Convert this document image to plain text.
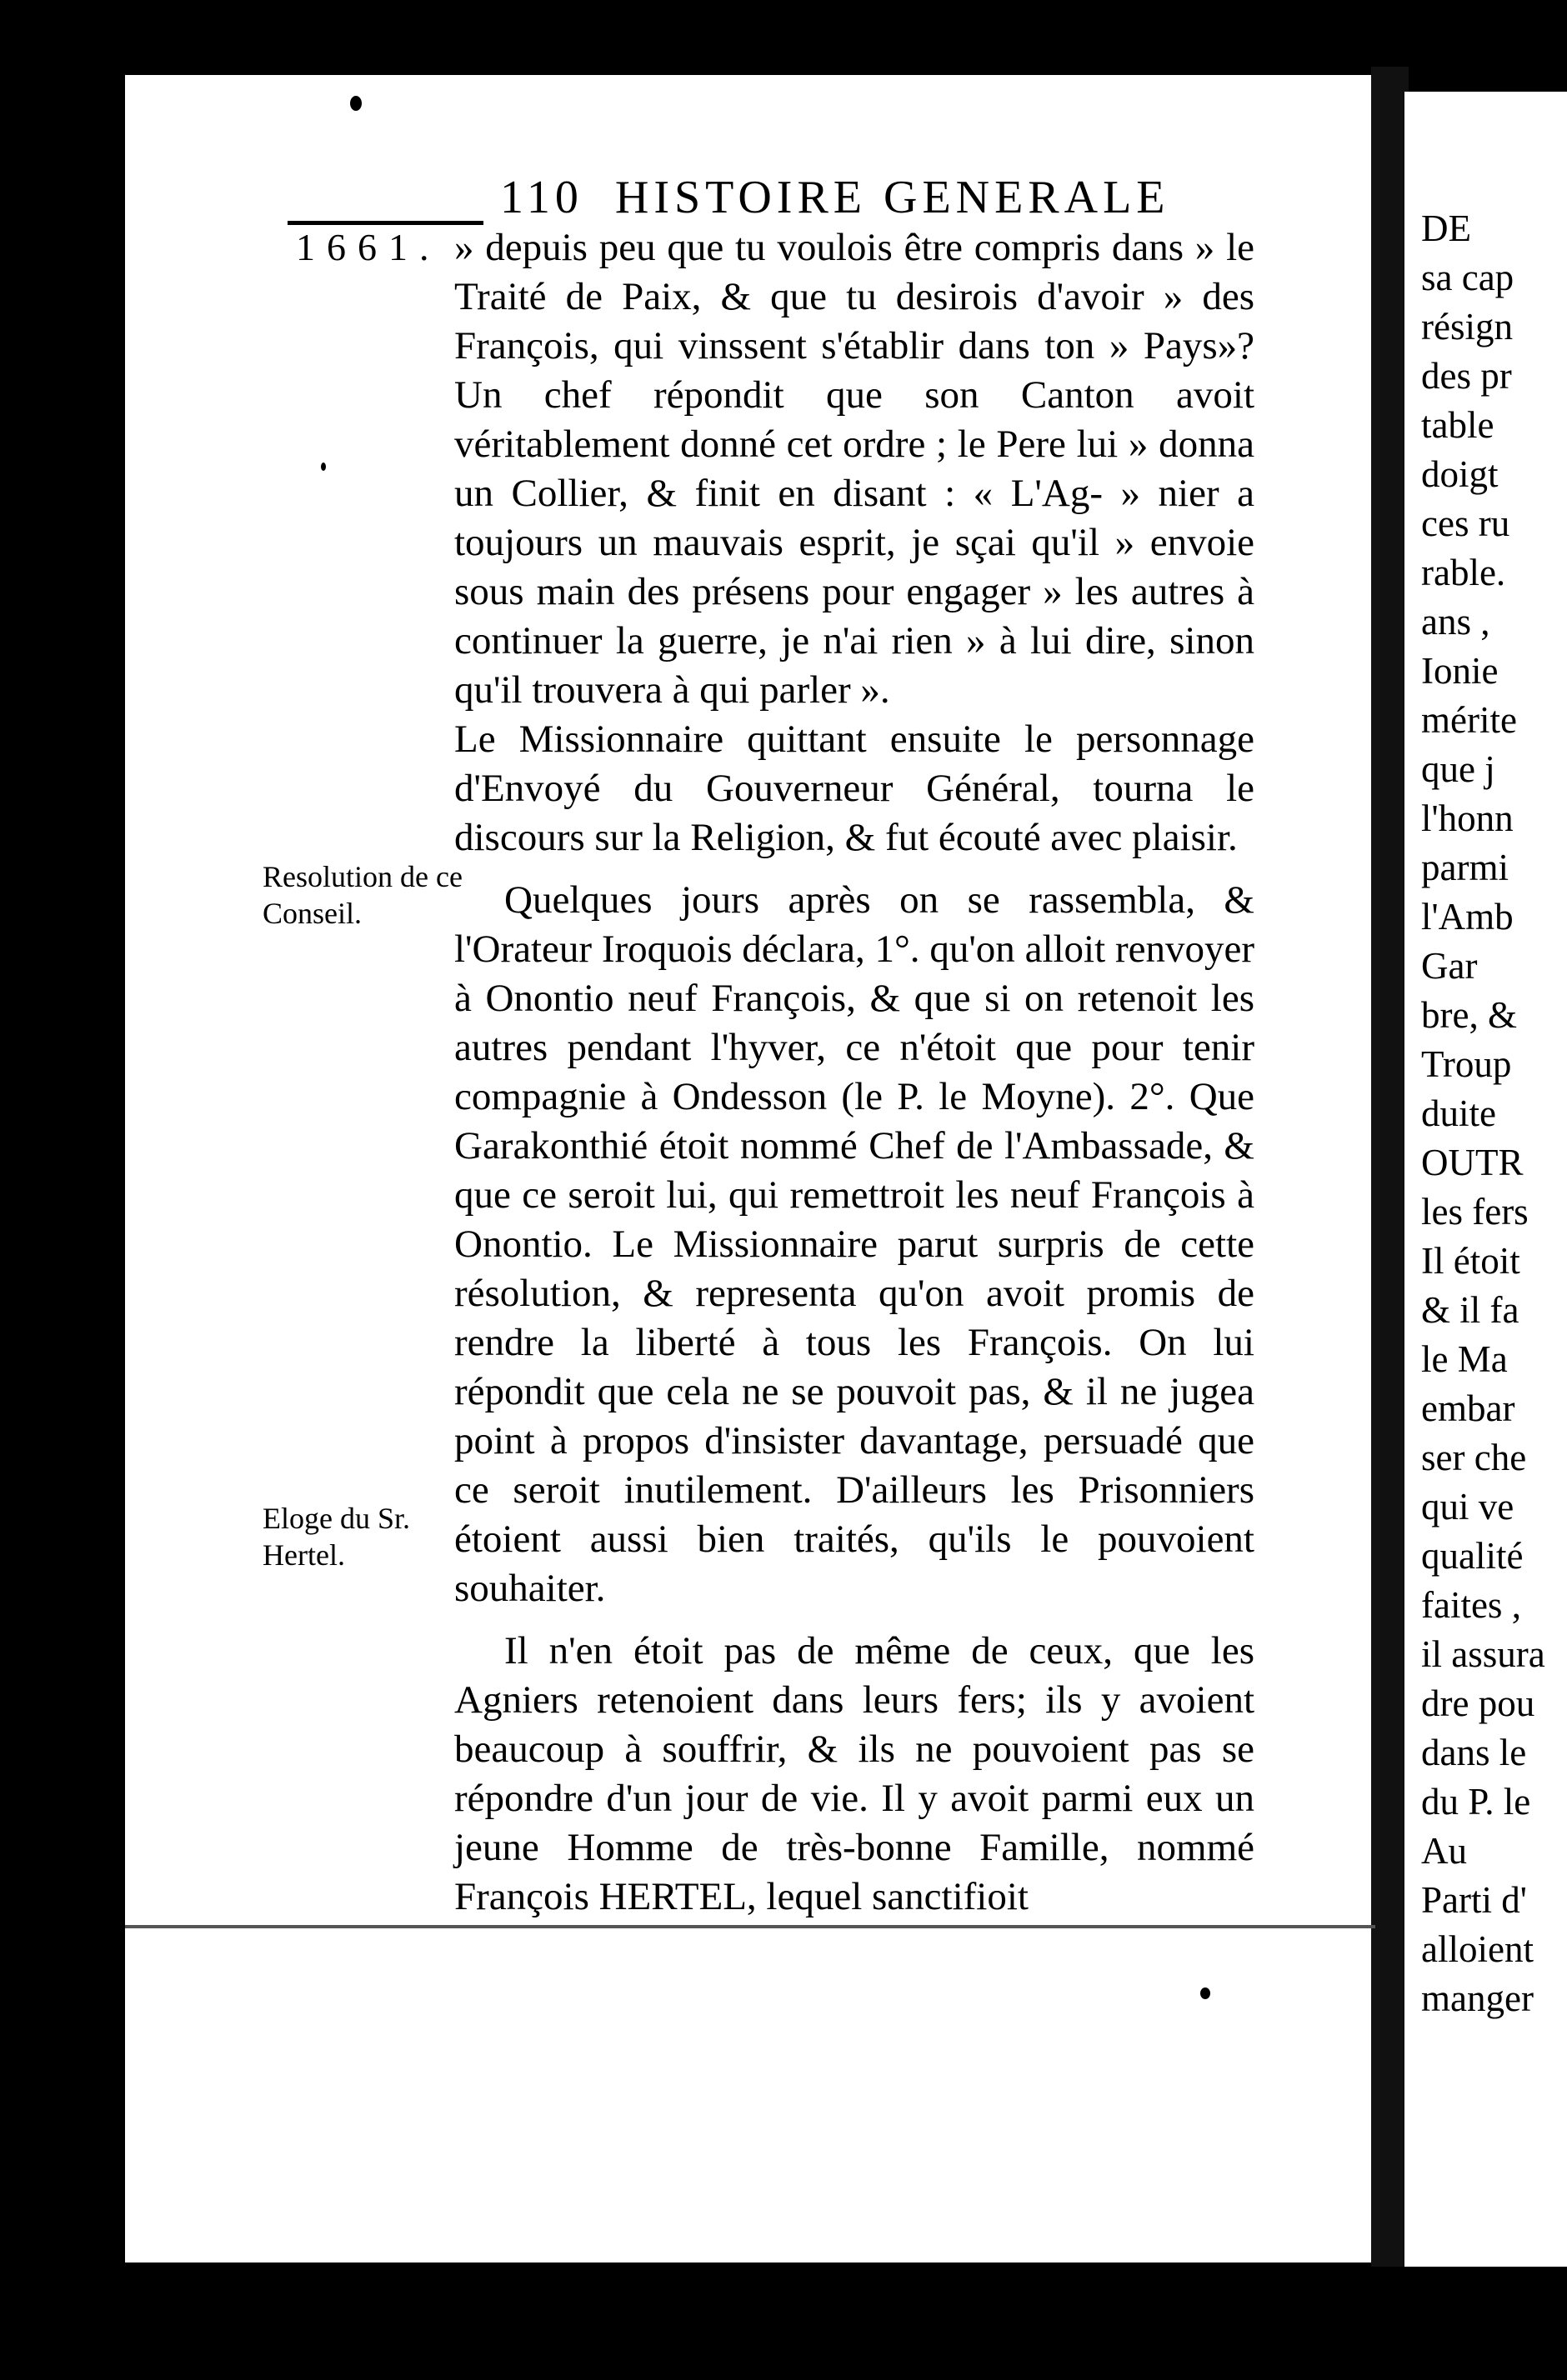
110 HISTOIRE GENERALE
1661.
Resolution de ce Conseil.
Eloge du Sr. Hertel.

» depuis peu que tu voulois être compris dans » le Traité de Paix, & que tu desirois d'avoir » des François, qui vinssent s'établir dans ton » Pays»? Un chef répondit que son Canton avoit véritablement donné cet ordre ; le Pere lui » donna un Collier, & finit en disant : « L'Ag- » nier a toujours un mauvais esprit, je sçai qu'il » envoie sous main des présens pour engager » les autres à continuer la guerre, je n'ai rien » à lui dire, sinon qu'il trouvera à qui parler ».

Le Missionnaire quittant ensuite le personnage d'Envoyé du Gouverneur Général, tourna le discours sur la Religion, & fut écouté avec plaisir.

Quelques jours après on se rassembla, & l'Orateur Iroquois déclara, 1°. qu'on alloit renvoyer à Onontio neuf François, & que si on retenoit les autres pendant l'hyver, ce n'étoit que pour tenir compagnie à Ondesson (le P. le Moyne). 2°. Que Garakonthié étoit nommé Chef de l'Ambassade, & que ce seroit lui, qui remettroit les neuf François à Onontio. Le Missionnaire parut surpris de cette résolution, & representa qu'on avoit promis de rendre la liberté à tous les François. On lui répondit que cela ne se pouvoit pas, & il ne jugea point à propos d'insister davantage, persuadé que ce seroit inutilement. D'ailleurs les Prisonniers étoient aussi bien traités, qu'ils le pouvoient souhaiter.

Il n'en étoit pas de même de ceux, que les Agniers retenoient dans leurs fers; ils y avoient beaucoup à souffrir, & ils ne pouvoient pas se répondre d'un jour de vie. Il y avoit parmi eux un jeune Homme de très-bonne Famille, nommé François HERTEL, lequel sanctifioit

DE
sa cap
résign
des pr
table
doigt
ces ru
rable.
ans ,
Ionie
mérite
que j
l'honn
parmi
l'Amb
Gar
bre, &
Troup
duite
OUTR
les fers
Il étoit
& il fa
le Ma
embar
ser che
qui ve
qualité
faites ,
il assura
dre pou
dans le
du P. le
Au
Parti d'
alloient
manger
